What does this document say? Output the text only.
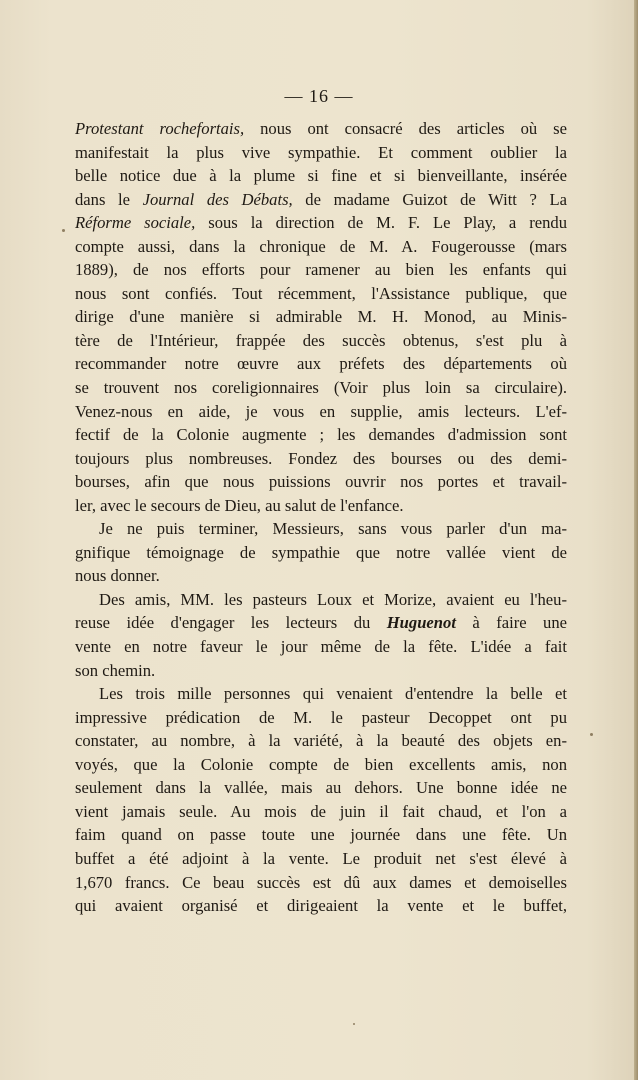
— 16 —

Protestant rochefortais, nous ont consacré des articles où se

manifestait la plus vive sympathie. Et comment oublier la

belle notice due à la plume si fine et si bienveillante, insérée

dans le Journal des Débats, de madame Guizot de Witt ? La

Réforme sociale, sous la direction de M. F. Le Play, a rendu

compte aussi, dans la chronique de M. A. Fougerousse (mars

1889), de nos efforts pour ramener au bien les enfants qui

nous sont confiés. Tout récemment, l'Assistance publique, que

dirige d'une manière si admirable M. H. Monod, au Minis-

tère de l'Intérieur, frappée des succès obtenus, s'est plu à

recommander notre œuvre aux préfets des départements où

se trouvent nos coreligionnaires (Voir plus loin sa circulaire).

Venez-nous en aide, je vous en supplie, amis lecteurs. L'ef-

fectif de la Colonie augmente ; les demandes d'admission sont

toujours plus nombreuses. Fondez des bourses ou des demi-

bourses, afin que nous puissions ouvrir nos portes et travail-

ler, avec le secours de Dieu, au salut de l'enfance.

Je ne puis terminer, Messieurs, sans vous parler d'un ma-

gnifique témoignage de sympathie que notre vallée vient de

nous donner.

Des amis, MM. les pasteurs Loux et Morize, avaient eu l'heu-

reuse idée d'engager les lecteurs du Huguenot à faire une

vente en notre faveur le jour même de la fête. L'idée a fait

son chemin.

Les trois mille personnes qui venaient d'entendre la belle et

impressive prédication de M. le pasteur Decoppet ont pu

constater, au nombre, à la variété, à la beauté des objets en-

voyés, que la Colonie compte de bien excellents amis, non

seulement dans la vallée, mais au dehors. Une bonne idée ne

vient jamais seule. Au mois de juin il fait chaud, et l'on a

faim quand on passe toute une journée dans une fête. Un

buffet a été adjoint à la vente. Le produit net s'est élevé à

1,670 francs. Ce beau succès est dû aux dames et demoiselles

qui avaient organisé et dirigeaient la vente et le buffet,
